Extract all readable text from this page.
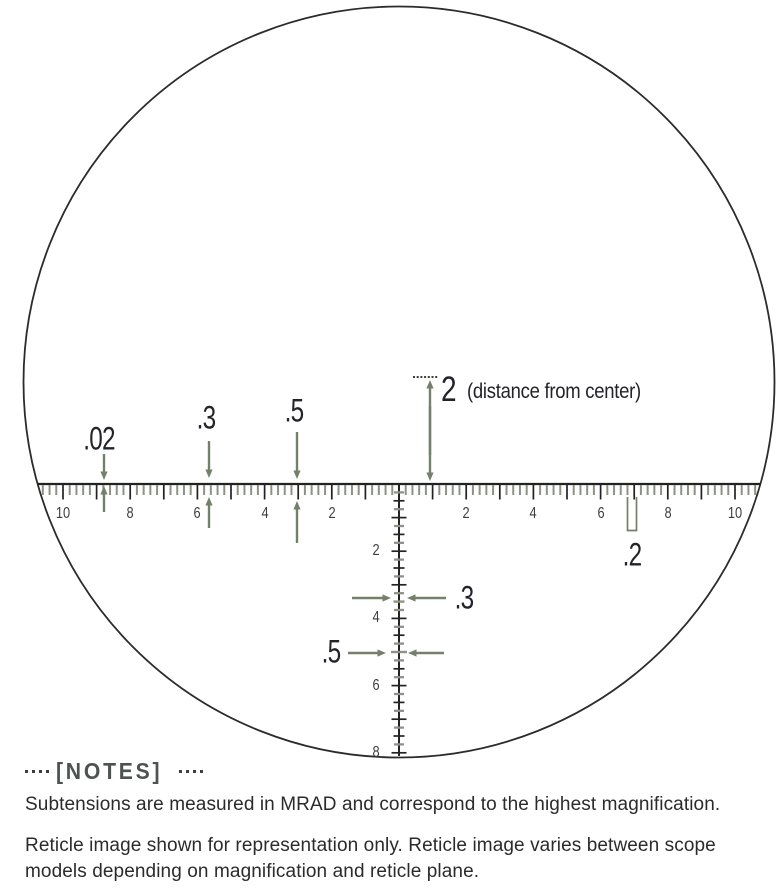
10	8	6	4	2	2	4	6	8	10
2
4
6
8
.02
.3 .5
2 (distance from center)
.2
.3
.5
[NOTES]

Subtensions are measured in MRAD and correspond to the highest magnification.

Reticle image shown for representation only. Reticle image varies between scope models depending on magnification and reticle plane.
